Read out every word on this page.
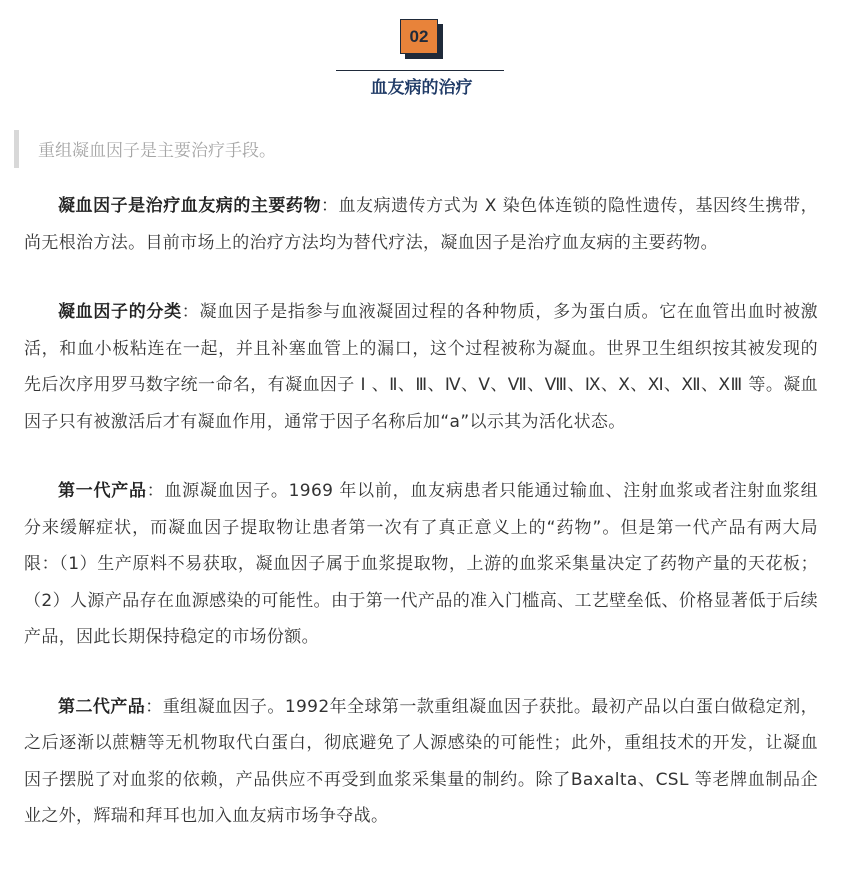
02
血友病的治疗

重组凝血因子是主要治疗手段。

凝血因子是治疗血友病的主要药物：血友病遗传方式为 X 染色体连锁的隐性遗传，基因终生携带，尚无根治方法。目前市场上的治疗方法均为替代疗法，凝血因子是治疗血友病的主要药物。

凝血因子的分类：凝血因子是指参与血液凝固过程的各种物质，多为蛋白质。它在血管出血时被激活，和血小板粘连在一起，并且补塞血管上的漏口，这个过程被称为凝血。世界卫生组织按其被发现的先后次序用罗马数字统一命名，有凝血因子 Ⅰ 、Ⅱ、Ⅲ、Ⅳ、Ⅴ、Ⅶ、Ⅷ、Ⅸ、Ⅹ、Ⅺ、Ⅻ、ⅩⅢ 等。凝血因子只有被激活后才有凝血作用，通常于因子名称后加“a”以示其为活化状态。

第一代产品：血源凝血因子。1969 年以前，血友病患者只能通过输血、注射血浆或者注射血浆组分来缓解症状，而凝血因子提取物让患者第一次有了真正意义上的“药物”。但是第一代产品有两大局限：（1）生产原料不易获取，凝血因子属于血浆提取物，上游的血浆采集量决定了药物产量的天花板；（2）人源产品存在血源感染的可能性。由于第一代产品的准入门槛高、工艺壁垒低、价格显著低于后续产品，因此长期保持稳定的市场份额。

第二代产品：重组凝血因子。1992年全球第一款重组凝血因子获批。最初产品以白蛋白做稳定剂，之后逐渐以蔗糖等无机物取代白蛋白，彻底避免了人源感染的可能性；此外，重组技术的开发，让凝血因子摆脱了对血浆的依赖，产品供应不再受到血浆采集量的制约。除了Baxalta、CSL 等老牌血制品企业之外，辉瑞和拜耳也加入血友病市场争夺战。
